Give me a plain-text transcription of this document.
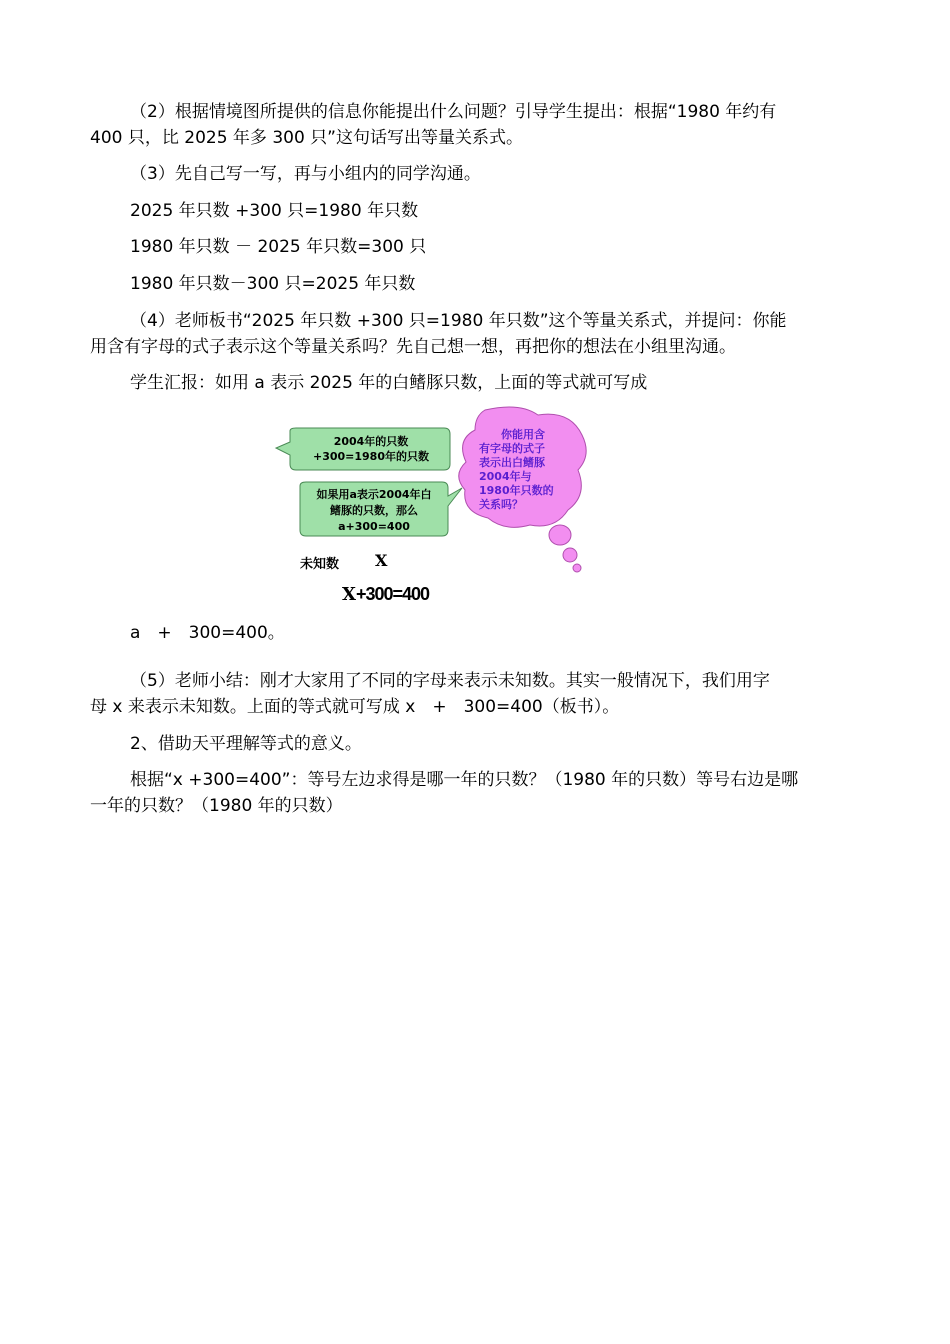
（2）根据情境图所提供的信息你能提出什么问题？引导学生提出：根据“1980 年约有
400 只，比 2025 年多 300 只”这句话写出等量关系式。
（3）先自己写一写，再与小组内的同学沟通。
2025 年只数 +300 只=1980 年只数
1980 年只数 － 2025 年只数=300 只
1980 年只数－300 只=2025 年只数
（4）老师板书“2025 年只数 +300 只=1980 年只数”这个等量关系式，并提问：你能
用含有字母的式子表示这个等量关系吗？先自己想一想，再把你的想法在小组里沟通。
学生汇报：如用 a 表示 2025 年的白鳍豚只数，上面的等式就可写成
2004年的只数
+300=1980年的只数
如果用a表示2004年白
鳍豚的只数，那么
a+300=400
你能用含
有字母的式子
表示出白鳍豚
2004年与
1980年只数的
关系吗？
未知数 X
X+300=400
a　+　300=400。
（5）老师小结：刚才大家用了不同的字母来表示未知数。其实一般情况下，我们用字
母 x 来表示未知数。上面的等式就可写成 x　+　300=400（板书）。
2、借助天平理解等式的意义。
根据“x +300=400”：等号左边求得是哪一年的只数？（1980 年的只数）等号右边是哪
一年的只数？（1980 年的只数）
